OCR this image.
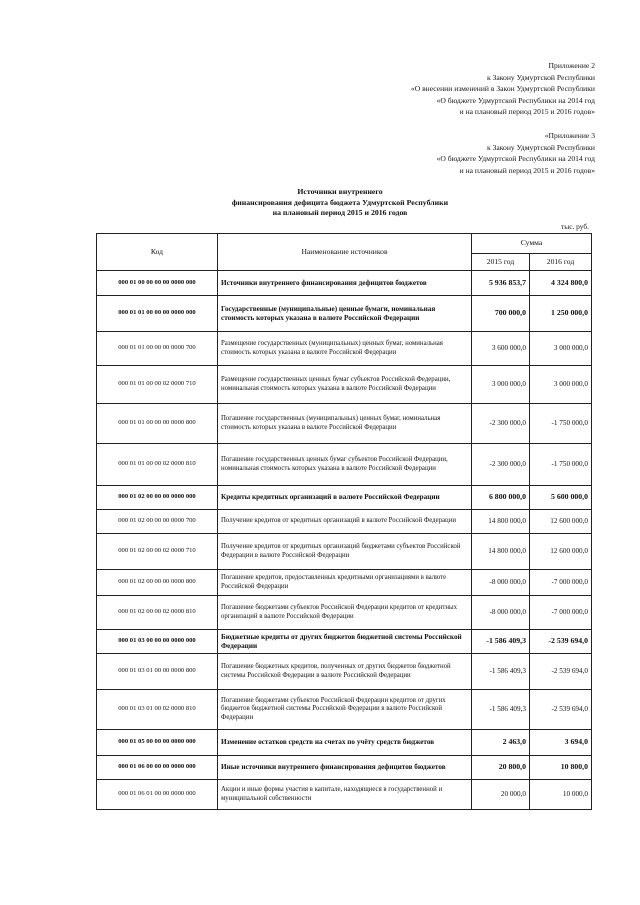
Приложение 2
к Закону Удмуртской Республики
«О внесении изменений в Закон Удмуртской Республики
«О бюджете Удмуртской Республики на 2014 год
и на плановый период 2015 и 2016 годов»
«Приложение 3
к Закону Удмуртской Республики
«О бюджете Удмуртской Республики на 2014 год
и на плановый период 2015 и 2016 годов»
Источники внутреннего
финансирования дефицита бюджета Удмуртской Республики
на плановый период 2015 и 2016 годов
тыс. руб.
Код	Наименование источников	Сумма	
		2015 год	2016 год
000 01 00 00 00 00 0000 000	Источники внутреннего финансирования дефицитов бюджетов	5 936 853,7	4 324 800,0
000 01 01 00 00 00 0000 000	Государственные (муниципальные) ценные бумаги, номинальная стоимость которых указана в валюте Российской Федерации	700 000,0	1 250 000,0
000 01 01 00 00 00 0000 700	Размещение государственных (муниципальных) ценных бумаг, номинальная стоимость которых указана в валюте Российской Федерации	3 600 000,0	3 000 000,0
000 01 01 00 00 02 0000 710	Размещение государственных ценных бумаг субъектов Российской Федерации, номинальная стоимость которых указана в валюте Российской Федерации	3 000 000,0	3 000 000,0
000 01 01 00 00 00 0000 800	Погашение государственных (муниципальных) ценных бумаг, номинальная стоимость которых указана в валюте Российской Федерации	-2 300 000,0	-1 750 000,0
000 01 01 00 00 02 0000 810	Погашение государственных ценных бумаг субъектов Российской Федерации, номинальная стоимость которых указана в валюте Российской Федерации	-2 300 000,0	-1 750 000,0
000 01 02 00 00 00 0000 000	Кредиты кредитных организаций в валюте Российской Федерации	6 800 000,0	5 600 000,0
000 01 02 00 00 00 0000 700	Получение кредитов от кредитных организаций в валюте Российской Федерации	14 800 000,0	12 600 000,0
000 01 02 00 00 02 0000 710	Получение кредитов от кредитных организаций бюджетами субъектов Российской Федерации в валюте Российской Федерации	14 800 000,0	12 600 000,0
000 01 02 00 00 00 0000 800	Погашение кредитов, предоставленных кредитными организациями в валюте Российской Федерации	-8 000 000,0	-7 000 000,0
000 01 02 00 00 02 0000 810	Погашение бюджетами субъектов Российской Федерации кредитов от кредитных организаций в валюте Российской Федерации	-8 000 000,0	-7 000 000,0
000 01 03 00 00 00 0000 000	Бюджетные кредиты от других бюджетов бюджетной системы Российской Федерации	-1 586 409,3	-2 539 694,0
000 01 03 01 00 00 0000 800	Погашение бюджетных кредитов, полученных от других бюджетов бюджетной системы Российской Федерации в валюте Российской Федерации	-1 586 409,3	-2 539 694,0
000 01 03 01 00 02 0000 810	Погашение бюджетами субъектов Российской Федерации кредитов от других бюджетов бюджетной системы Российской Федерации в валюте Российской Федерации	-1 586 409,3	-2 539 694,0
000 01 05 00 00 00 0000 000	Изменение остатков средств на счетах по учёту средств бюджетов	2 463,0	3 694,0
000 01 06 00 00 00 0000 000	Иные источники внутреннего финансирования дефицитов бюджетов	20 800,0	10 800,0
000 01 06 01 00 00 0000 000	Акции и иные формы участия в капитале, находящиеся в государственной и муниципальной собственности	20 000,0	10 000,0
